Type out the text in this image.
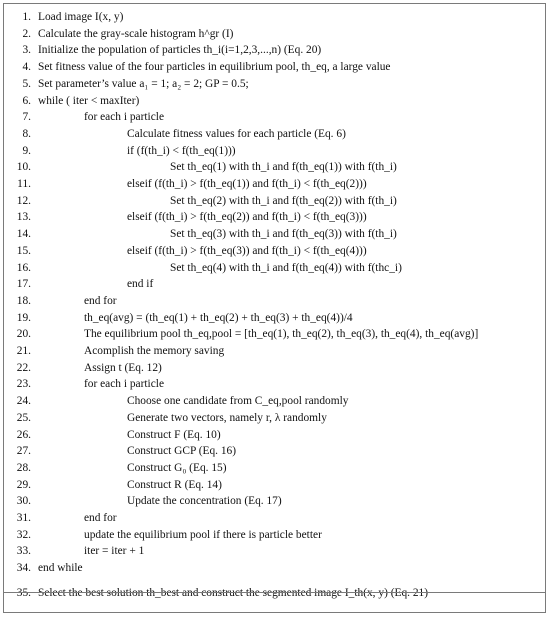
1. Load image I(x, y)
2. Calculate the gray-scale histogram h^gr (I)
3. Initialize the population of particles th_i(i=1,2,3,...,n) (Eq. 20)
4. Set fitness value of the four particles in equilibrium pool, th_eq, a large value
5. Set parameter’s value a₁ = 1; a₂ = 2; GP = 0.5;
6. while ( iter < maxIter)
7.	for each i particle
8.	Calculate fitness values for each particle (Eq. 6)
9.	if (f(th_i) < f(th_eq(1)))
10.	Set th_eq(1) with th_i and f(th_eq(1)) with f(th_i)
11.	elseif (f(th_i) > f(th_eq(1)) and f(th_i) < f(th_eq(2)))
12.	Set th_eq(2) with th_i and f(th_eq(2)) with f(th_i)
13.	elseif (f(th_i) > f(th_eq(2)) and f(th_i) < f(th_eq(3)))
14.	Set th_eq(3) with th_i and f(th_eq(3)) with f(th_i)
15.	elseif (f(th_i) > f(th_eq(3)) and f(th_i) < f(th_eq(4)))
16.	Set th_eq(4) with th_i and f(th_eq(4)) with f(thc_i)
17.	end if
18.	end for
19.	th_eq(avg) = (th_eq(1) + th_eq(2) + th_eq(3) + th_eq(4))/4
20.	The equilibrium pool th_eq,pool = [th_eq(1), th_eq(2), th_eq(3), th_eq(4), th_eq(avg)]
21.	Acomplish the memory saving
22.	Assign t (Eq. 12)
23.	for each i particle
24.	Choose one candidate from C_eq,pool randomly
25.	Generate two vectors, namely r, λ randomly
26.	Construct F (Eq. 10)
27.	Construct GCP (Eq. 16)
28.	Construct G₀ (Eq. 15)
29.	Construct R (Eq. 14)
30.	Update the concentration (Eq. 17)
31.	end for
32.	update the equilibrium pool if there is particle better
33.	iter = iter + 1
34. end while
35. Select the best solution th_best and construct the segmented image I_th(x, y) (Eq. 21)
